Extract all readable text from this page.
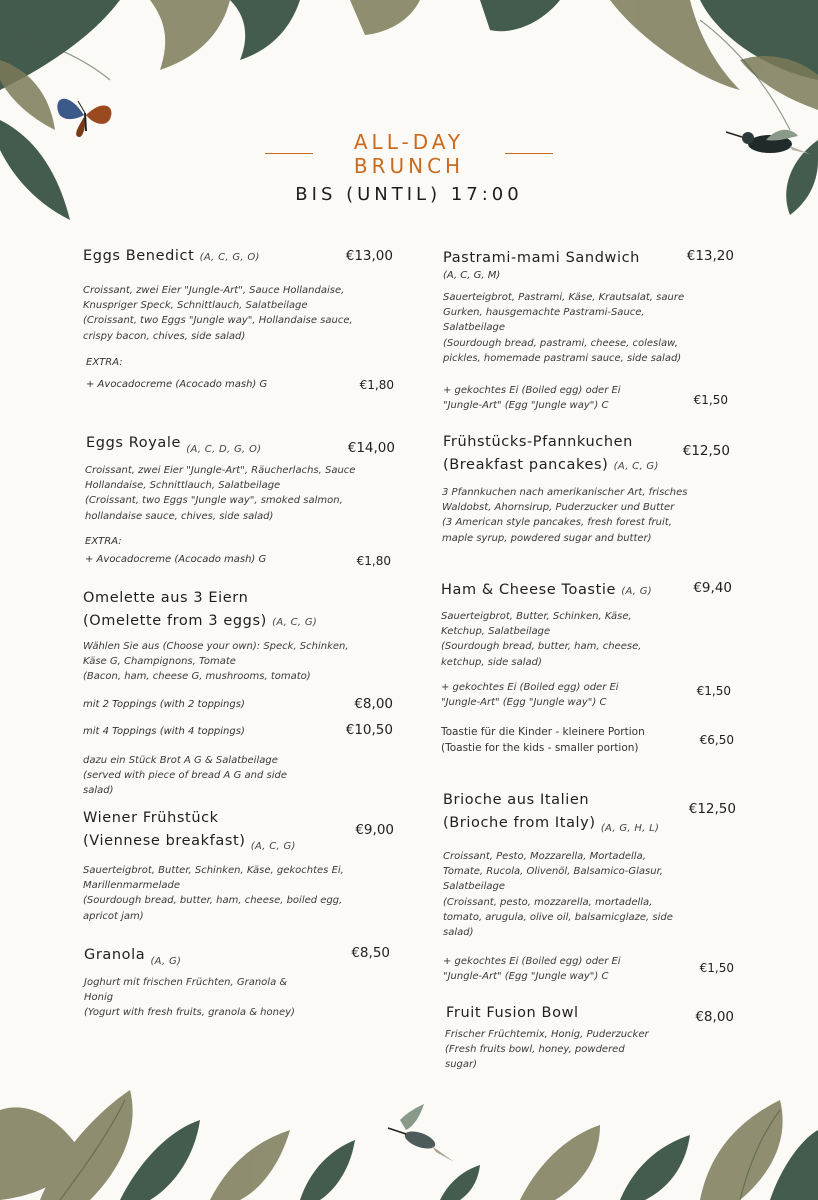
ALL-DAY
BRUNCH
BIS (UNTIL) 17:00
Eggs Benedict (A, C, G, O)	€13,00
Croissant, zwei Eier "Jungle-Art", Sauce Hollandaise,
Knuspriger Speck, Schnittlauch, Salatbeilage
(Croissant, two Eggs "Jungle way", Hollandaise sauce,
crispy bacon, chives, side salad)
EXTRA:
+ Avocadocreme (Acocado mash) G	€1,80
Eggs Royale $_{(A, C, D, G, O)}$	€14,00
Croissant, zwei Eier "Jungle-Art", Räucherlachs, Sauce
Hollandaise, Schnittlauch, Salatbeilage
(Croissant, two Eggs "Jungle way", smoked salmon,
hollandaise sauce, chives, side salad)
EXTRA:
+ Avocadocreme (Acocado mash) G	€1,80
Omelette aus 3 Eiern
(Omelette from 3 eggs) (A, C, G)
Wählen Sie aus (Choose your own): Speck, Schinken,
Käse G, Champignons, Tomate
(Bacon, ham, cheese G, mushrooms, tomato)
mit 2 Toppings (with 2 toppings)	€8,00
mit 4 Toppings (with 4 toppings)	€10,50
dazu ein Stück Brot A G & Salatbeilage
(served with piece of bread A G and side
salad)
Wiener Frühstück
(Viennese breakfast) $_{(A, C, G)}$
€9,00
Sauerteigbrot, Butter, Schinken, Käse, gekochtes Ei,
Marillenmarmelade
(Sourdough bread, butter, ham, cheese, boiled egg,
apricot jam)
Granola $_{(A, G)}$
€8,50
Joghurt mit frischen Früchten, Granola &
Honig
(Yogurt with fresh fruits, granola & honey)
Pastrami-mami Sandwich
(A, C, G, M)
€13,20
Sauerteigbrot, Pastrami, Käse, Krautsalat, saure
Gurken, hausgemachte Pastrami-Sauce,
Salatbeilage
(Sourdough bread, pastrami, cheese, coleslaw,
pickles, homemade pastrami sauce, side salad)
+ gekochtes Ei (Boiled egg) oder Ei
"Jungle-Art" (Egg "Jungle way") C	€1,50
Frühstücks-Pfannkuchen
(Breakfast pancakes) (A, C, G)
€12,50
3 Pfannkuchen nach amerikanischer Art, frisches
Waldobst, Ahornsirup, Puderzucker und Butter
(3 American style pancakes, fresh forest fruit,
maple syrup, powdered sugar and butter)
Ham & Cheese Toastie (A, G)	€9,40
Sauerteigbrot, Butter, Schinken, Käse,
Ketchup, Salatbeilage
(Sourdough bread, butter, ham, cheese,
ketchup, side salad)
+ gekochtes Ei (Boiled egg) oder Ei
"Jungle-Art" (Egg "Jungle way") C
€1,50
Toastie für die Kinder - kleinere Portion
(Toastie for the kids - smaller portion)
€6,50
Brioche aus Italien
(Brioche from Italy) $_{(A, G, H, L)}$
€12,50
Croissant, Pesto, Mozzarella, Mortadella,
Tomate, Rucola, Olivenöl, Balsamico-Glasur,
Salatbeilage
(Croissant, pesto, mozzarella, mortadella,
tomato, arugula, olive oil, balsamicglaze, side
salad)
+ gekochtes Ei (Boiled egg) oder Ei
"Jungle-Art" (Egg "Jungle way") C
€1,50
Fruit Fusion Bowl	€8,00
Frischer Früchtemix, Honig, Puderzucker
(Fresh fruits bowl, honey, powdered
sugar)
